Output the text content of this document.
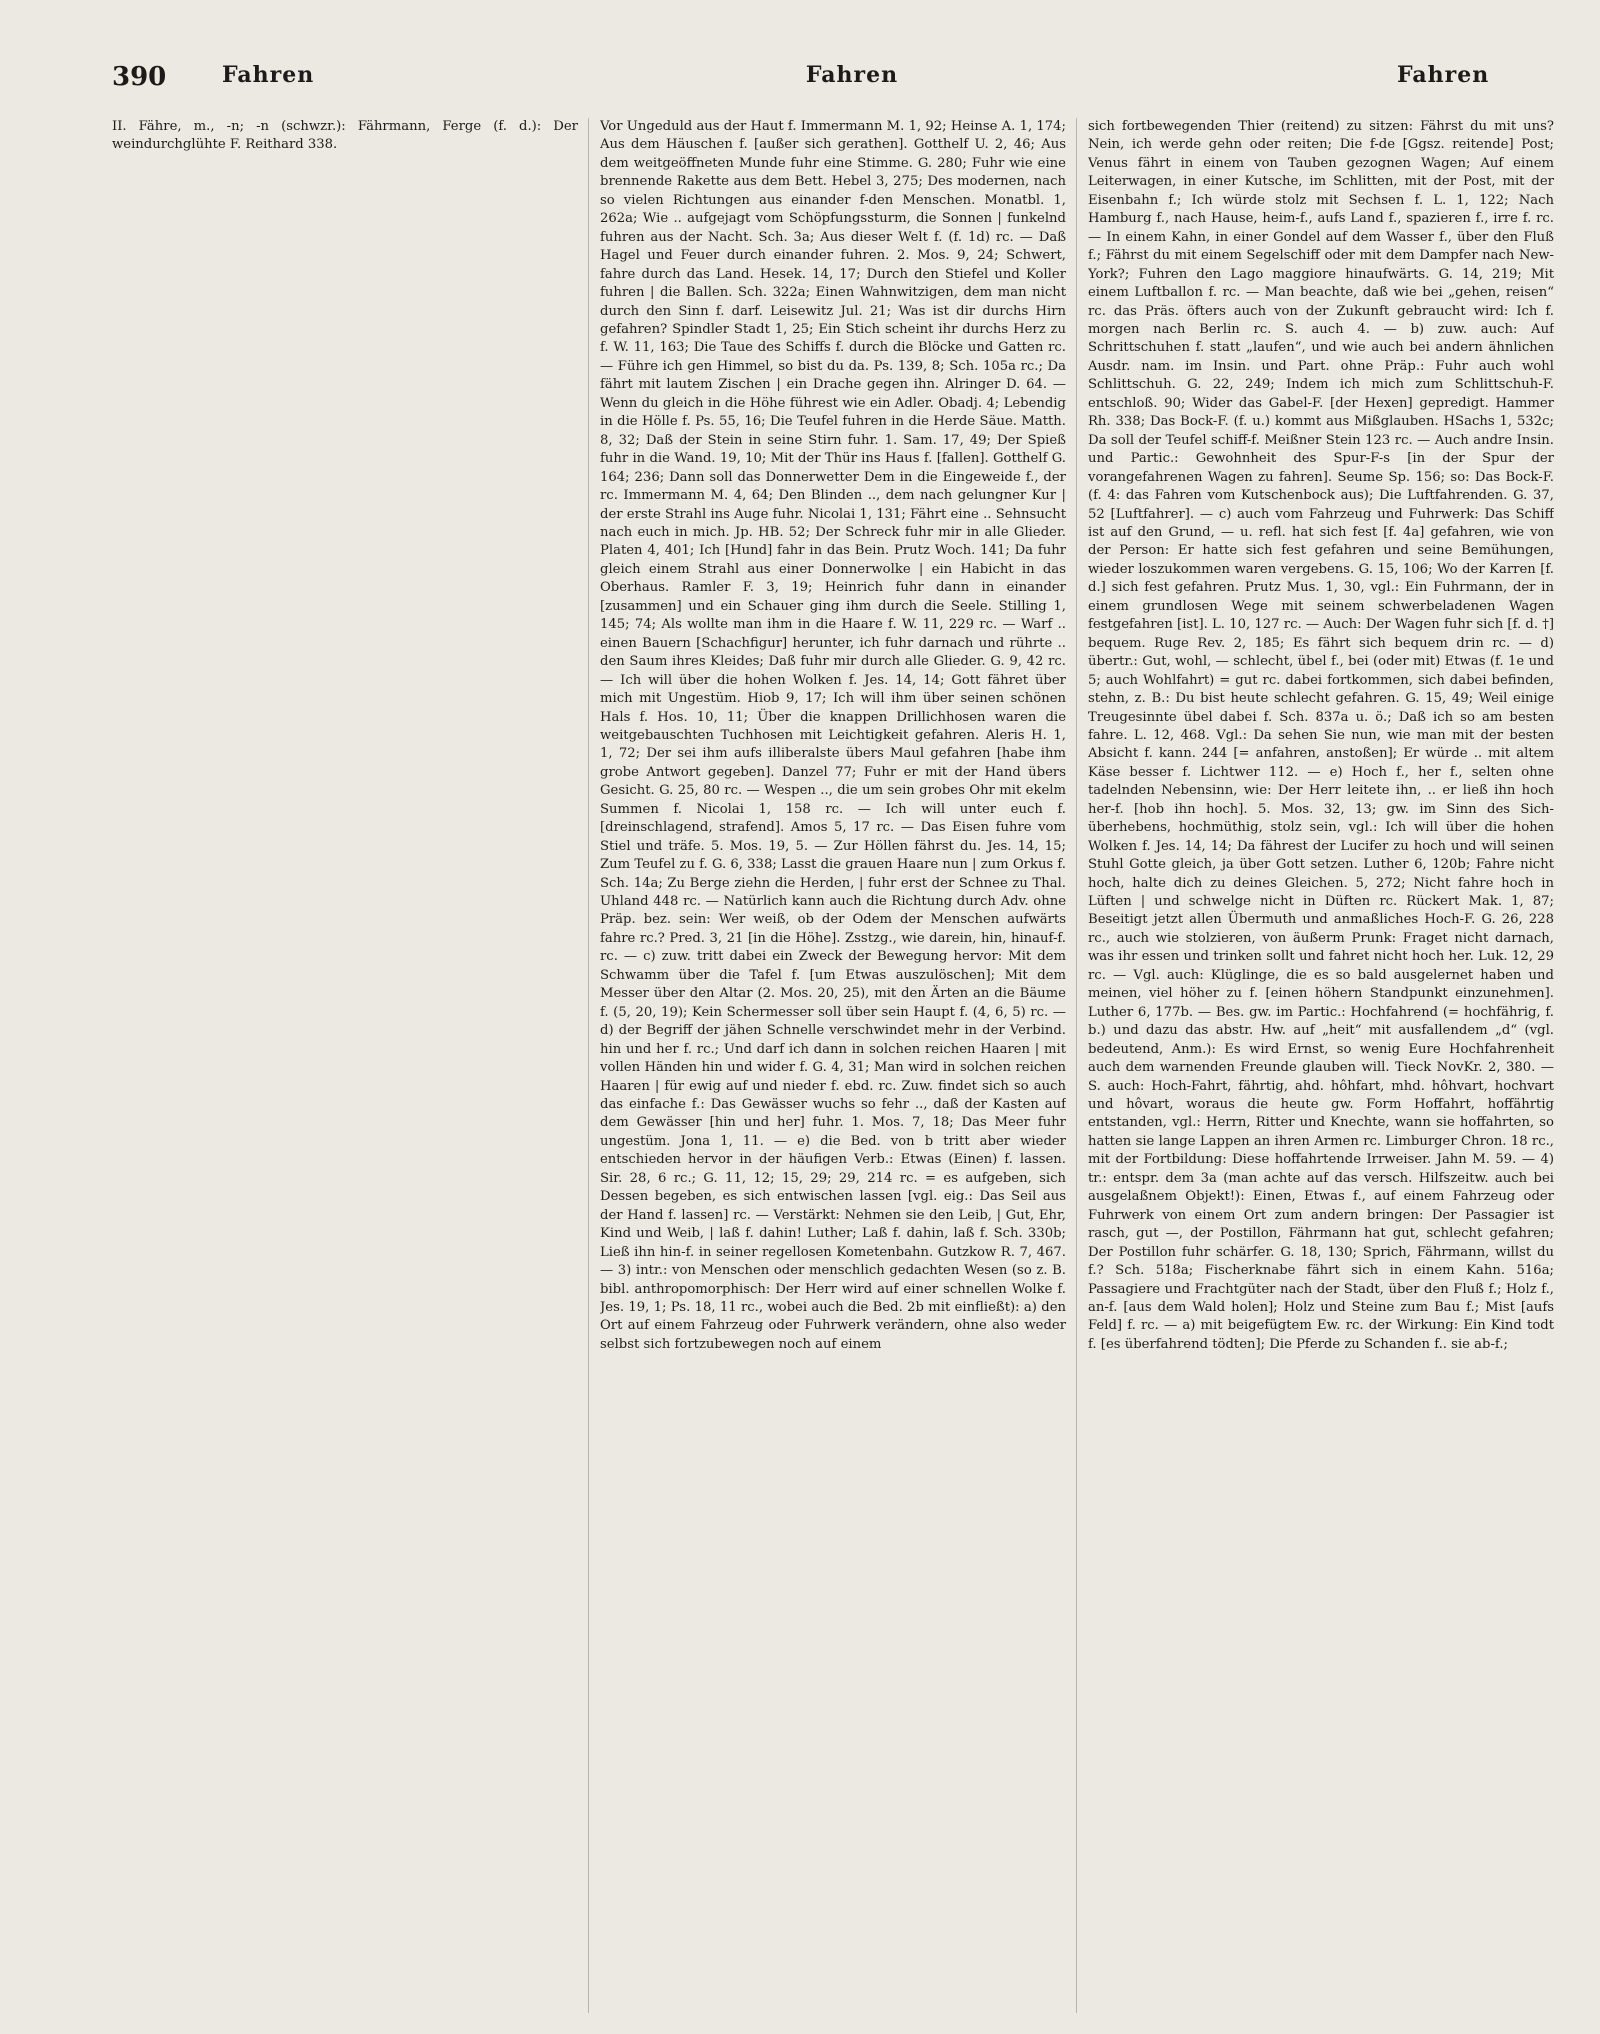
390	Fahren	Fahren	Fahren

II. Fähre, m., -n; -n (schwzr.): Fährmann, Ferge (f. d.): Der weindurchglühte F. Reithard 338.

Vor Ungeduld aus der Haut f. Immermann M. 1, 92; Heinse A. 1, 174; Aus dem Häuschen f. [außer sich gerathen]. Gotthelf U. 2, 46; Aus dem weitgeöffneten Munde fuhr eine Stimme. G. 280; Fuhr wie eine brennende Rakette aus dem Bett. Hebel 3, 275; Des modernen, nach so vielen Richtungen aus einander f-den Menschen. Monatbl. 1, 262a; Wie .. aufgejagt vom Schöpfungssturm, die Sonnen | funkelnd fuhren aus der Nacht. Sch. 3a; Aus dieser Welt f. (f. 1d) rc. — Daß Hagel und Feuer durch einander fuhren. 2. Mos. 9, 24; Schwert, fahre durch das Land. Hesek. 14, 17; Durch den Stiefel und Koller fuhren | die Ballen. Sch. 322a; Einen Wahnwitzigen, dem man nicht durch den Sinn f. darf. Leisewitz Jul. 21; Was ist dir durchs Hirn gefahren? Spindler Stadt 1, 25; Ein Stich scheint ihr durchs Herz zu f. W. 11, 163; Die Taue des Schiffs f. durch die Blöcke und Gatten rc. — Führe ich gen Himmel, so bist du da. Ps. 139, 8; Sch. 105a rc.; Da fährt mit lautem Zischen | ein Drache gegen ihn. Alringer D. 64. — Wenn du gleich in die Höhe führest wie ein Adler. Obadj. 4; Lebendig in die Hölle f. Ps. 55, 16; Die Teufel fuhren in die Herde Säue. Matth. 8, 32; Daß der Stein in seine Stirn fuhr. 1. Sam. 17, 49; Der Spieß fuhr in die Wand. 19, 10; Mit der Thür ins Haus f. [fallen]. Gotthelf G. 164; 236; Dann soll das Donnerwetter Dem in die Eingeweide f., der rc. Immermann M. 4, 64; Den Blinden .., dem nach gelungner Kur | der erste Strahl ins Auge fuhr. Nicolai 1, 131; Fährt eine .. Sehnsucht nach euch in mich. Jp. HB. 52; Der Schreck fuhr mir in alle Glieder. Platen 4, 401; Ich [Hund] fahr in das Bein. Prutz Woch. 141; Da fuhr gleich einem Strahl aus einer Donnerwolke | ein Habicht in das Oberhaus. Ramler F. 3, 19; Heinrich fuhr dann in einander [zusammen] und ein Schauer ging ihm durch die Seele. Stilling 1, 145; 74; Als wollte man ihm in die Haare f. W. 11, 229 rc. — Warf .. einen Bauern [Schachfigur] herunter, ich fuhr darnach und rührte .. den Saum ihres Kleides; Daß fuhr mir durch alle Glieder. G. 9, 42 rc. — Ich will über die hohen Wolken f. Jes. 14, 14; Gott fähret über mich mit Ungestüm. Hiob 9, 17; Ich will ihm über seinen schönen Hals f. Hos. 10, 11; Über die knappen Drillichhosen waren die weitgebauschten Tuchhosen mit Leichtigkeit gefahren. Aleris H. 1, 1, 72; Der sei ihm aufs illiberalste übers Maul gefahren [habe ihm grobe Antwort gegeben]. Danzel 77; Fuhr er mit der Hand übers Gesicht. G. 25, 80 rc. — Wespen .., die um sein grobes Ohr mit ekelm Summen f. Nicolai 1, 158 rc. — Ich will unter euch f. [dreinschlagend, strafend]. Amos 5, 17 rc. — Das Eisen fuhre vom Stiel und träfe. 5. Mos. 19, 5. — Zur Höllen fährst du. Jes. 14, 15; Zum Teufel zu f. G. 6, 338; Lasst die grauen Haare nun | zum Orkus f. Sch. 14a; Zu Berge ziehn die Herden, | fuhr erst der Schnee zu Thal. Uhland 448 rc. — Natürlich kann auch die Richtung durch Adv. ohne Präp. bez. sein: Wer weiß, ob der Odem der Menschen aufwärts fahre rc.? Pred. 3, 21 [in die Höhe]. Zsstzg., wie darein, hin, hinauf-f. rc. — c) zuw. tritt dabei ein Zweck der Bewegung hervor: Mit dem Schwamm über die Tafel f. [um Etwas auszulöschen]; Mit dem Messer über den Altar (2. Mos. 20, 25), mit den Ärten an die Bäume f. (5, 20, 19); Kein Schermesser soll über sein Haupt f. (4, 6, 5) rc. — d) der Begriff der jähen Schnelle verschwindet mehr in der Verbind. hin und her f. rc.; Und darf ich dann in solchen reichen Haaren | mit vollen Händen hin und wider f. G. 4, 31; Man wird in solchen reichen Haaren | für ewig auf und nieder f. ebd. rc. Zuw. findet sich so auch das einfache f.: Das Gewässer wuchs so fehr .., daß der Kasten auf dem Gewässer [hin und her] fuhr. 1. Mos. 7, 18; Das Meer fuhr ungestüm. Jona 1, 11. — e) die Bed. von b tritt aber wieder entschieden hervor in der häufigen Verb.: Etwas (Einen) f. lassen. Sir. 28, 6 rc.; G. 11, 12; 15, 29; 29, 214 rc. = es aufgeben, sich Dessen begeben, es sich entwischen lassen [vgl. eig.: Das Seil aus der Hand f. lassen] rc. — Verstärkt: Nehmen sie den Leib, | Gut, Ehr, Kind und Weib, | laß f. dahin! Luther; Laß f. dahin, laß f. Sch. 330b; Ließ ihn hin-f. in seiner regellosen Kometenbahn. Gutzkow R. 7, 467. — 3) intr.: von Menschen oder menschlich gedachten Wesen (so z. B. bibl. anthropomorphisch: Der Herr wird auf einer schnellen Wolke f. Jes. 19, 1; Ps. 18, 11 rc., wobei auch die Bed. 2b mit einfließt): a) den Ort auf einem Fahrzeug oder Fuhrwerk verändern, ohne also weder selbst sich fortzubewegen noch auf einem

sich fortbewegenden Thier (reitend) zu sitzen: Fährst du mit uns? Nein, ich werde gehn oder reiten; Die f-de [Ggsz. reitende] Post; Venus fährt in einem von Tauben gezognen Wagen; Auf einem Leiterwagen, in einer Kutsche, im Schlitten, mit der Post, mit der Eisenbahn f.; Ich würde stolz mit Sechsen f. L. 1, 122; Nach Hamburg f., nach Hause, heim-f., aufs Land f., spazieren f., irre f. rc. — In einem Kahn, in einer Gondel auf dem Wasser f., über den Fluß f.; Fährst du mit einem Segelschiff oder mit dem Dampfer nach New-York?; Fuhren den Lago maggiore hinaufwärts. G. 14, 219; Mit einem Luftballon f. rc. — Man beachte, daß wie bei „gehen, reisen“ rc. das Präs. öfters auch von der Zukunft gebraucht wird: Ich f. morgen nach Berlin rc. S. auch 4. — b) zuw. auch: Auf Schrittschuhen f. statt „laufen“, und wie auch bei andern ähnlichen Ausdr. nam. im Insin. und Part. ohne Präp.: Fuhr auch wohl Schlittschuh. G. 22, 249; Indem ich mich zum Schlittschuh-F. entschloß. 90; Wider das Gabel-F. [der Hexen] gepredigt. Hammer Rh. 338; Das Bock-F. (f. u.) kommt aus Mißglauben. HSachs 1, 532c; Da soll der Teufel schiff-f. Meißner Stein 123 rc. — Auch andre Insin. und Partic.: Gewohnheit des Spur-F-s [in der Spur der vorangefahrenen Wagen zu fahren]. Seume Sp. 156; so: Das Bock-F. (f. 4: das Fahren vom Kutschenbock aus); Die Luftfahrenden. G. 37, 52 [Luftfahrer]. — c) auch vom Fahrzeug und Fuhrwerk: Das Schiff ist auf den Grund, — u. refl. hat sich fest [f. 4a] gefahren, wie von der Person: Er hatte sich fest gefahren und seine Bemühungen, wieder loszukommen waren vergebens. G. 15, 106; Wo der Karren [f. d.] sich fest gefahren. Prutz Mus. 1, 30, vgl.: Ein Fuhrmann, der in einem grundlosen Wege mit seinem schwerbeladenen Wagen festgefahren [ist]. L. 10, 127 rc. — Auch: Der Wagen fuhr sich [f. d. †] bequem. Ruge Rev. 2, 185; Es fährt sich bequem drin rc. — d) übertr.: Gut, wohl, — schlecht, übel f., bei (oder mit) Etwas (f. 1e und 5; auch Wohlfahrt) = gut rc. dabei fortkommen, sich dabei befinden, stehn, z. B.: Du bist heute schlecht gefahren. G. 15, 49; Weil einige Treugesinnte übel dabei f. Sch. 837a u. ö.; Daß ich so am besten fahre. L. 12, 468. Vgl.: Da sehen Sie nun, wie man mit der besten Absicht f. kann. 244 [= anfahren, anstoßen]; Er würde .. mit altem Käse besser f. Lichtwer 112. — e) Hoch f., her f., selten ohne tadelnden Nebensinn, wie: Der Herr leitete ihn, .. er ließ ihn hoch her-f. [hob ihn hoch]. 5. Mos. 32, 13; gw. im Sinn des Sich-überhebens, hochmüthig, stolz sein, vgl.: Ich will über die hohen Wolken f. Jes. 14, 14; Da fährest der Lucifer zu hoch und will seinen Stuhl Gotte gleich, ja über Gott setzen. Luther 6, 120b; Fahre nicht hoch, halte dich zu deines Gleichen. 5, 272; Nicht fahre hoch in Lüften | und schwelge nicht in Düften rc. Rückert Mak. 1, 87; Beseitigt jetzt allen Übermuth und anmaßliches Hoch-F. G. 26, 228 rc., auch wie stolzieren, von äußerm Prunk: Fraget nicht darnach, was ihr essen und trinken sollt und fahret nicht hoch her. Luk. 12, 29 rc. — Vgl. auch: Klüglinge, die es so bald ausgelernet haben und meinen, viel höher zu f. [einen höhern Standpunkt einzunehmen]. Luther 6, 177b. — Bes. gw. im Partic.: Hochfahrend (= hochfährig, f. b.) und dazu das abstr. Hw. auf „heit“ mit ausfallendem „d“ (vgl. bedeutend, Anm.): Es wird Ernst, so wenig Eure Hochfahrenheit auch dem warnenden Freunde glauben will. Tieck NovKr. 2, 380. — S. auch: Hoch-Fahrt, fährtig, ahd. hôhfart, mhd. hôhvart, hochvart und hôvart, woraus die heute gw. Form Hoffahrt, hoffährtig entstanden, vgl.: Herrn, Ritter und Knechte, wann sie hoffahrten, so hatten sie lange Lappen an ihren Armen rc. Limburger Chron. 18 rc., mit der Fortbildung: Diese hoffahrtende Irrweiser. Jahn M. 59. — 4) tr.: entspr. dem 3a (man achte auf das versch. Hilfszeitw. auch bei ausgelaßnem Objekt!): Einen, Etwas f., auf einem Fahrzeug oder Fuhrwerk von einem Ort zum andern bringen: Der Passagier ist rasch, gut —, der Postillon, Fährmann hat gut, schlecht gefahren; Der Postillon fuhr schärfer. G. 18, 130; Sprich, Fährmann, willst du f.? Sch. 518a; Fischerknabe fährt sich in einem Kahn. 516a; Passagiere und Frachtgüter nach der Stadt, über den Fluß f.; Holz f., an-f. [aus dem Wald holen]; Holz und Steine zum Bau f.; Mist [aufs Feld] f. rc. — a) mit beigefügtem Ew. rc. der Wirkung: Ein Kind todt f. [es überfahrend tödten]; Die Pferde zu Schanden f.. sie ab-f.;
